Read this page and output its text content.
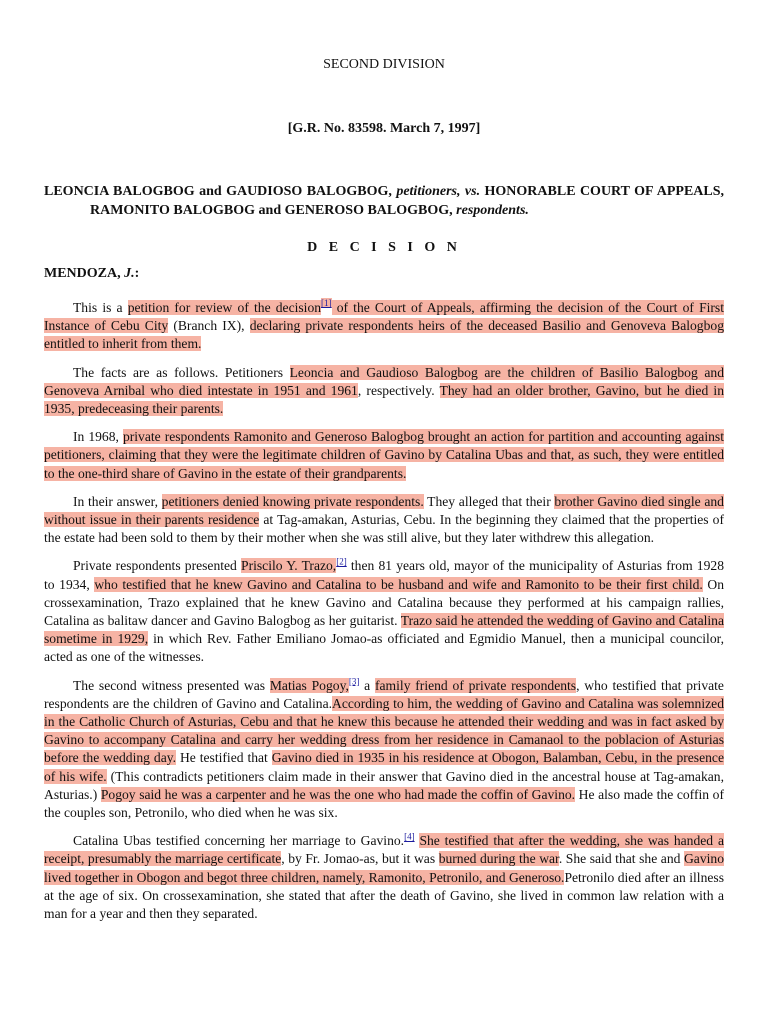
SECOND DIVISION

[G.R. No. 83598. March 7, 1997]

LEONCIA BALOGBOG and GAUDIOSO BALOGBOG, petitioners, vs. HONORABLE COURT OF APPEALS, RAMONITO BALOGBOG and GENEROSO BALOGBOG, respondents.

D E C I S I O N

MENDOZA, J.:

This is a petition for review of the decision[1] of the Court of Appeals, affirming the decision of the Court of First Instance of Cebu City (Branch IX), declaring private respondents heirs of the deceased Basilio and Genoveva Balogbog entitled to inherit from them.

The facts are as follows. Petitioners Leoncia and Gaudioso Balogbog are the children of Basilio Balogbog and Genoveva Arnibal who died intestate in 1951 and 1961, respectively. They had an older brother, Gavino, but he died in 1935, predeceasing their parents.

In 1968, private respondents Ramonito and Generoso Balogbog brought an action for partition and accounting against petitioners, claiming that they were the legitimate children of Gavino by Catalina Ubas and that, as such, they were entitled to the one-third share of Gavino in the estate of their grandparents.

In their answer, petitioners denied knowing private respondents. They alleged that their brother Gavino died single and without issue in their parents residence at Tag-amakan, Asturias, Cebu. In the beginning they claimed that the properties of the estate had been sold to them by their mother when she was still alive, but they later withdrew this allegation.

Private respondents presented Priscilo Y. Trazo,[2] then 81 years old, mayor of the municipality of Asturias from 1928 to 1934, who testified that he knew Gavino and Catalina to be husband and wife and Ramonito to be their first child. On crossexamination, Trazo explained that he knew Gavino and Catalina because they performed at his campaign rallies, Catalina as balitaw dancer and Gavino Balogbog as her guitarist. Trazo said he attended the wedding of Gavino and Catalina sometime in 1929, in which Rev. Father Emiliano Jomao-as officiated and Egmidio Manuel, then a municipal councilor, acted as one of the witnesses.

The second witness presented was Matias Pogoy,[3] a family friend of private respondents, who testified that private respondents are the children of Gavino and Catalina.According to him, the wedding of Gavino and Catalina was solemnized in the Catholic Church of Asturias, Cebu and that he knew this because he attended their wedding and was in fact asked by Gavino to accompany Catalina and carry her wedding dress from her residence in Camanaol to the poblacion of Asturias before the wedding day. He testified that Gavino died in 1935 in his residence at Obogon, Balamban, Cebu, in the presence of his wife. (This contradicts petitioners claim made in their answer that Gavino died in the ancestral house at Tag-amakan, Asturias.) Pogoy said he was a carpenter and he was the one who had made the coffin of Gavino. He also made the coffin of the couples son, Petronilo, who died when he was six.

Catalina Ubas testified concerning her marriage to Gavino.[4] She testified that after the wedding, she was handed a receipt, presumably the marriage certificate, by Fr. Jomao-as, but it was burned during the war. She said that she and Gavino lived together in Obogon and begot three children, namely, Ramonito, Petronilo, and Generoso.Petronilo died after an illness at the age of six. On crossexamination, she stated that after the death of Gavino, she lived in common law relation with a man for a year and then they separated.
